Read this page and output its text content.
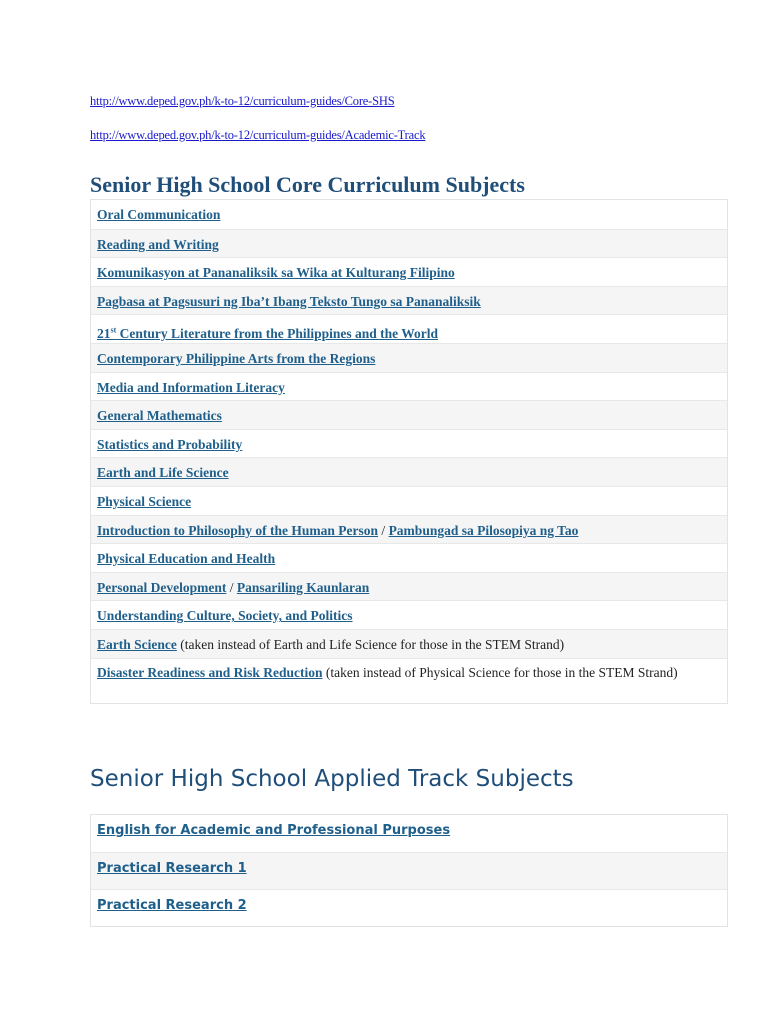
http://www.deped.gov.ph/k-to-12/curriculum-guides/Core-SHS
http://www.deped.gov.ph/k-to-12/curriculum-guides/Academic-Track
Senior High School Core Curriculum Subjects
Oral Communication
Reading and Writing
Komunikasyon at Pananaliksik sa Wika at Kulturang Filipino
Pagbasa at Pagsusuri ng Iba’t Ibang Teksto Tungo sa Pananaliksik
21st Century Literature from the Philippines and the World
Contemporary Philippine Arts from the Regions
Media and Information Literacy
General Mathematics
Statistics and Probability
Earth and Life Science
Physical Science
Introduction to Philosophy of the Human Person / Pambungad sa Pilosopiya ng Tao
Physical Education and Health
Personal Development / Pansariling Kaunlaran
Understanding Culture, Society, and Politics
Earth Science (taken instead of Earth and Life Science for those in the STEM Strand)
Disaster Readiness and Risk Reduction (taken instead of Physical Science for those in the STEM Strand)
Senior High School Applied Track Subjects
English for Academic and Professional Purposes
Practical Research 1
Practical Research 2
